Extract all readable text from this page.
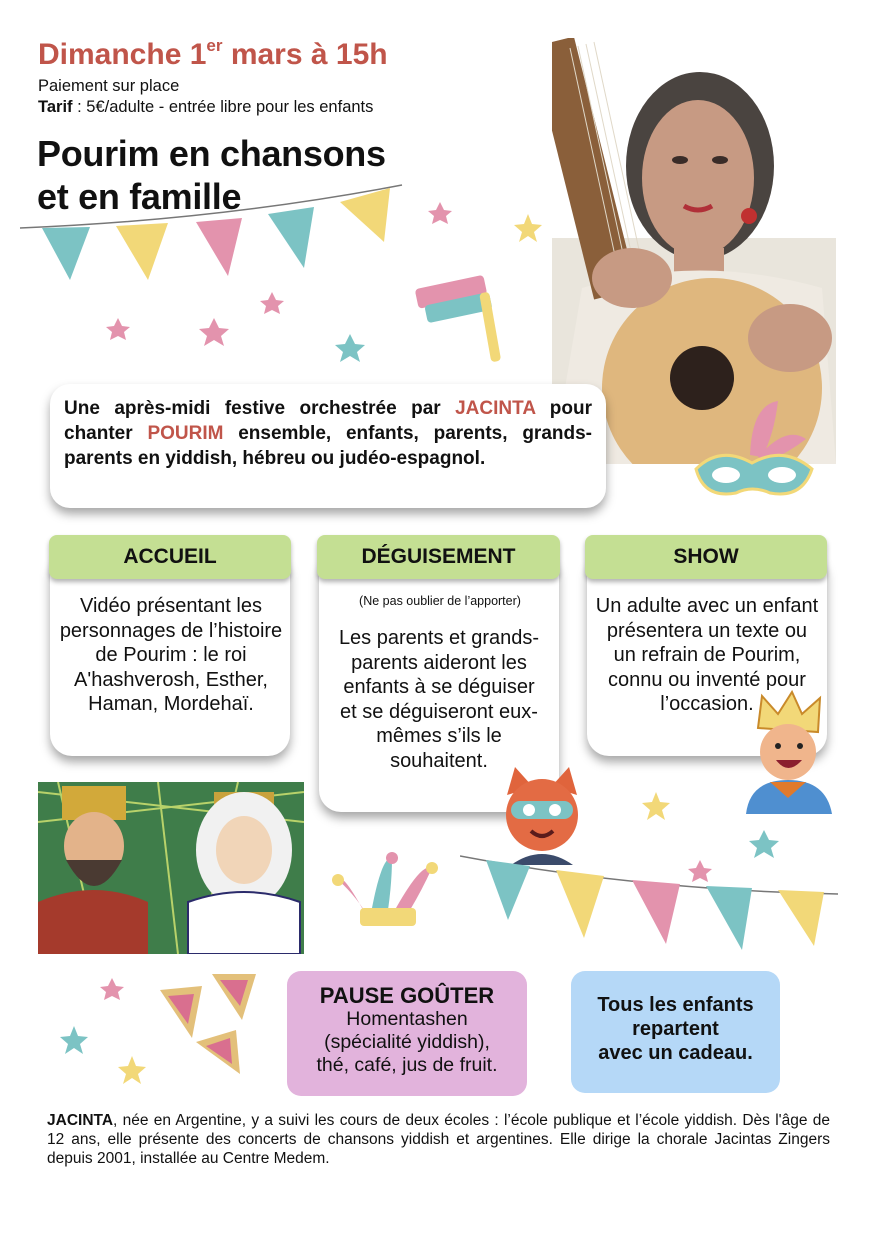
Dimanche 1er mars à 15h
Paiement sur place
Tarif : 5€/adulte - entrée libre pour les enfants
Pourim en chansons
et en famille
Une après-midi festive orchestrée par JACINTA pour chanter POURIM ensemble, enfants, parents, grands-parents en yiddish, hébreu ou judéo-espagnol.
ACCUEIL
Vidéo présentant les personnages de l’histoire de Pourim : le roi A'hashverosh, Esther, Haman, Mordehaï.
DÉGUISEMENT
(Ne pas oublier de l’apporter)
Les parents et grands-parents aideront les enfants à se déguiser et se déguiseront eux-mêmes s’ils le souhaitent.
SHOW
Un adulte avec un enfant présentera un texte ou un refrain de Pourim, connu ou inventé pour l’occasion.
PAUSE GOÛTER
Homentashen
(spécialité yiddish),
thé, café, jus de fruit.
Tous les enfants
repartent
avec un cadeau.
JACINTA, née en Argentine, y a suivi les cours de deux écoles : l’école publique et l’école yiddish. Dès l'âge de 12 ans, elle présente des concerts de chansons yiddish et argentines. Elle dirige la chorale Jacintas Zingers depuis 2001, installée au Centre Medem.
